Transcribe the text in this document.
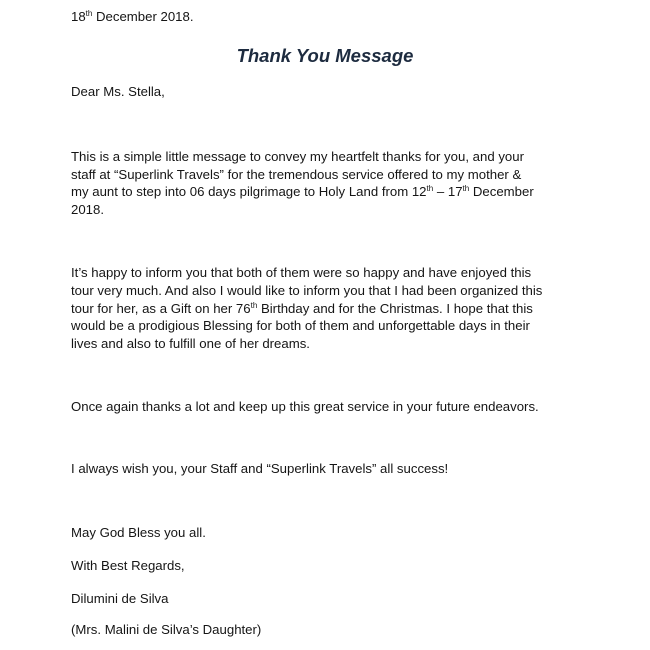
18th December 2018.
Thank You Message
Dear Ms. Stella,
This is a simple little message to convey my heartfelt thanks for you, and your
staff at “Superlink Travels” for the tremendous service offered to my mother &
my aunt to step into 06 days pilgrimage to Holy Land from 12th – 17th December
2018.
It’s happy to inform you that both of them were so happy and have enjoyed this
tour very much. And also I would like to inform you that I had been organized this
tour for her, as a Gift on her 76th Birthday and for the Christmas. I hope that this
would be a prodigious Blessing for both of them and unforgettable days in their
lives and also to fulfill one of her dreams.
Once again thanks a lot and keep up this great service in your future endeavors.
I always wish you, your Staff and “Superlink Travels” all success!
May God Bless you all.
With Best Regards,
Dilumini de Silva
(Mrs. Malini de Silva’s Daughter)
